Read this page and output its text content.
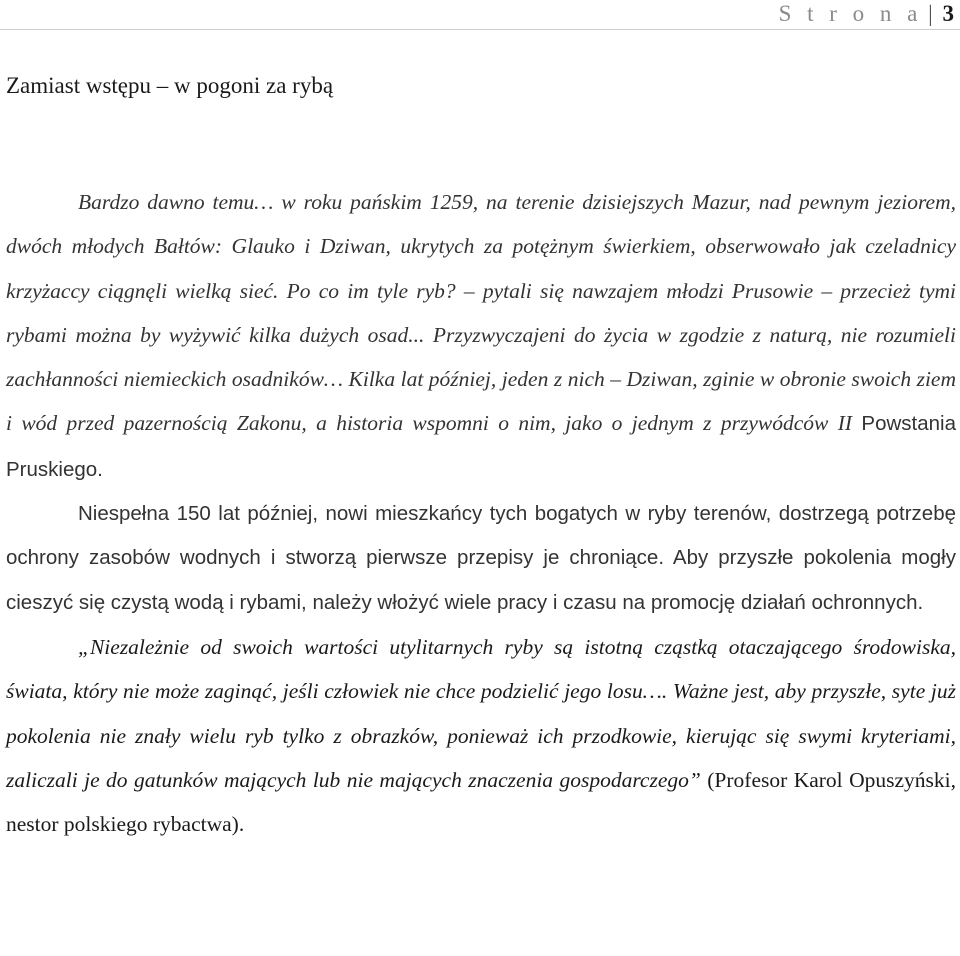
S t r o n a | 3
Zamiast wstępu – w pogoni za rybą

Bardzo dawno temu… w roku pańskim 1259, na terenie dzisiejszych Mazur, nad pewnym jeziorem, dwóch młodych Bałtów: Glauko i Dziwan, ukrytych za potężnym świerkiem, obserwowało jak czeladnicy krzyżaccy ciągnęli wielką sieć. Po co im tyle ryb? – pytali się nawzajem młodzi Prusowie – przecież tymi rybami można by wyżywić kilka dużych osad... Przyzwyczajeni do życia w zgodzie z naturą, nie rozumieli zachłanności niemieckich osadników… Kilka lat później, jeden z nich – Dziwan, zginie w obronie swoich ziem i wód przed pazernością Zakonu, a historia wspomni o nim, jako o jednym z przywódców II Powstania Pruskiego.

Niespełna 150 lat później, nowi mieszkańcy tych bogatych w ryby terenów, dostrzegą potrzebę ochrony zasobów wodnych i stworzą pierwsze przepisy je chroniące. Aby przyszłe pokolenia mogły cieszyć się czystą wodą i rybami, należy włożyć wiele pracy i czasu na promocję działań ochronnych.

„Niezależnie od swoich wartości utylitarnych ryby są istotną cząstką otaczającego środowiska, świata, który nie może zaginąć, jeśli człowiek nie chce podzielić jego losu…. Ważne jest, aby przyszłe, syte już pokolenia nie znały wielu ryb tylko z obrazków, ponieważ ich przodkowie, kierując się swymi kryteriami, zaliczali je do gatunków mających lub nie mających znaczenia gospodarczego” (Profesor Karol Opuszyński, nestor polskiego rybactwa).
